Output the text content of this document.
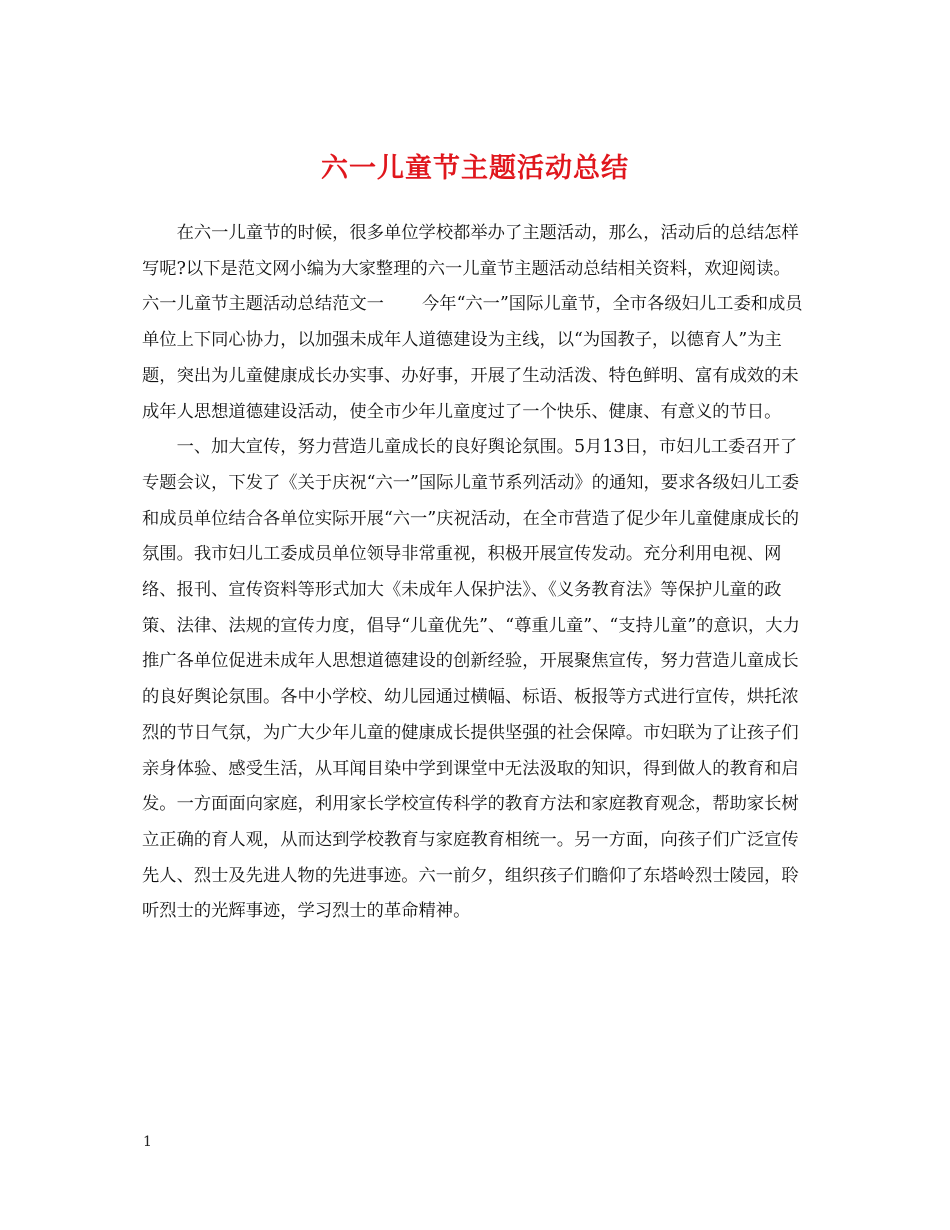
六一儿童节主题活动总结

在六一儿童节的时候，很多单位学校都举办了主题活动，那么，活动后的总结怎样写呢?以下是范文网小编为大家整理的六一儿童节主题活动总结相关资料，欢迎阅读。

六一儿童节主题活动总结范文一 今年“六一”国际儿童节，全市各级妇儿工委和成员单位上下同心协力，以加强未成年人道德建设为主线，以“为国教子，以德育人”为主题，突出为儿童健康成长办实事、办好事，开展了生动活泼、特色鲜明、富有成效的未成年人思想道德建设活动，使全市少年儿童度过了一个快乐、健康、有意义的节日。

一、加大宣传，努力营造儿童成长的良好舆论氛围。5月13日，市妇儿工委召开了专题会议，下发了《关于庆祝“六一”国际儿童节系列活动》的通知，要求各级妇儿工委和成员单位结合各单位实际开展“六一”庆祝活动，在全市营造了促少年儿童健康成长的氛围。我市妇儿工委成员单位领导非常重视，积极开展宣传发动。充分利用电视、网络、报刊、宣传资料等形式加大《未成年人保护法》、《义务教育法》等保护儿童的政策、法律、法规的宣传力度，倡导“儿童优先”、“尊重儿童”、“支持儿童”的意识，大力推广各单位促进未成年人思想道德建设的创新经验，开展聚焦宣传，努力营造儿童成长的良好舆论氛围。各中小学校、幼儿园通过横幅、标语、板报等方式进行宣传，烘托浓烈的节日气氛，为广大少年儿童的健康成长提供坚强的社会保障。市妇联为了让孩子们亲身体验、感受生活，从耳闻目染中学到课堂中无法汲取的知识，得到做人的教育和启发。一方面面向家庭，利用家长学校宣传科学的教育方法和家庭教育观念，帮助家长树立正确的育人观，从而达到学校教育与家庭教育相统一。另一方面，向孩子们广泛宣传先人、烈士及先进人物的先进事迹。六一前夕，组织孩子们瞻仰了东塔岭烈士陵园，聆听烈士的光辉事迹，学习烈士的革命精神。

1
